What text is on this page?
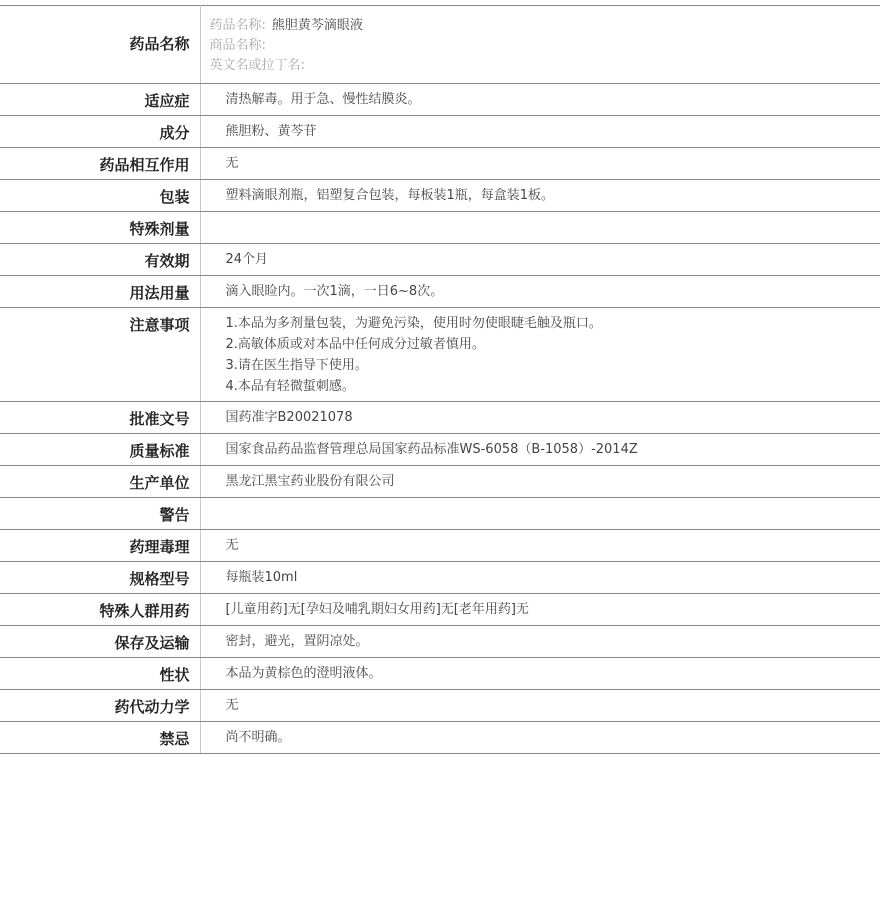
药品名称	药品名称: 熊胆黄芩滴眼液
商品名称:
英文名或拉丁名:

适应症	清热解毒。用于急、慢性结膜炎。
成分	熊胆粉、黄芩苷
药品相互作用	无
包装	塑料滴眼剂瓶，铝塑复合包装，每板装1瓶，每盒装1板。
特殊剂量	
有效期	24个月
用法用量	滴入眼睑内。一次1滴，一日6~8次。
注意事项	1.本品为多剂量包装，为避免污染，使用时勿使眼睫毛触及瓶口。
2.高敏体质或对本品中任何成分过敏者慎用。
3.请在医生指导下使用。
4.本品有轻微蜇刺感。

批准文号	国药准字B20021078
质量标准	国家食品药品监督管理总局国家药品标准WS-6058（B-1058）-2014Z
生产单位	黑龙江黑宝药业股份有限公司
警告	
药理毒理	无
规格型号	每瓶装10ml
特殊人群用药	[儿童用药]无[孕妇及哺乳期妇女用药]无[老年用药]无
保存及运输	密封，避光，置阴凉处。
性状	本品为黄棕色的澄明液体。
药代动力学	无
禁忌	尚不明确。
